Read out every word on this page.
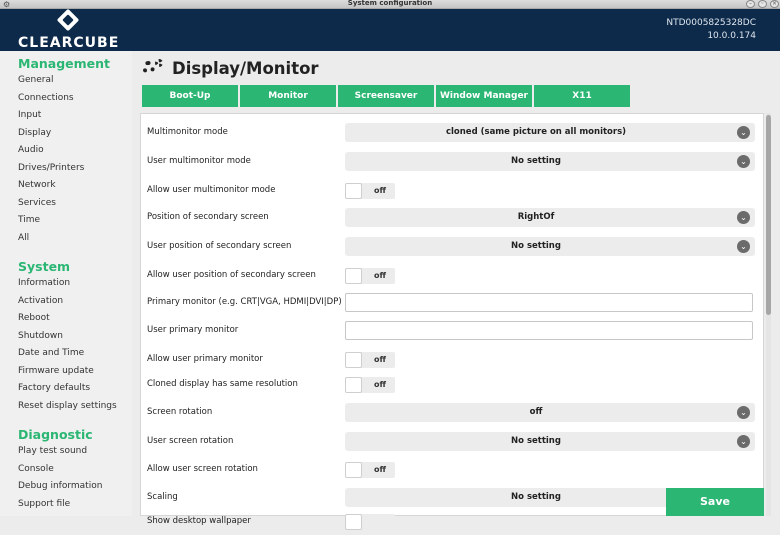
⚙	System configuration	–	◦	×
CLEARCUBE
NTD0005825328DC
10.0.0.174
Management
General
Connections
Input
Display
Audio
Drives/Printers
Network
Services
Time
All
System
Information
Activation
Reboot
Shutdown
Date and Time
Firmware update
Factory defaults
Reset display settings
Diagnostic
Play test sound
Console
Debug information
Support file
Display/Monitor
Boot-Up	Monitor	Screensaver	Window Manager	X11
Multimonitor mode	cloned (same picture on all monitors)	⌄
User multimonitor mode	No setting	⌄
Allow user multimonitor mode	off
Position of secondary screen	RightOf	⌄
User position of secondary screen	No setting	⌄
Allow user position of secondary screen	off
Primary monitor (e.g. CRT|VGA, HDMI|DVI|DP)
User primary monitor
Allow user primary monitor	off
Cloned display has same resolution	off
Screen rotation	off	⌄
User screen rotation	No setting	⌄
Allow user screen rotation	off
Scaling	No setting
Show desktop wallpaper
Save
